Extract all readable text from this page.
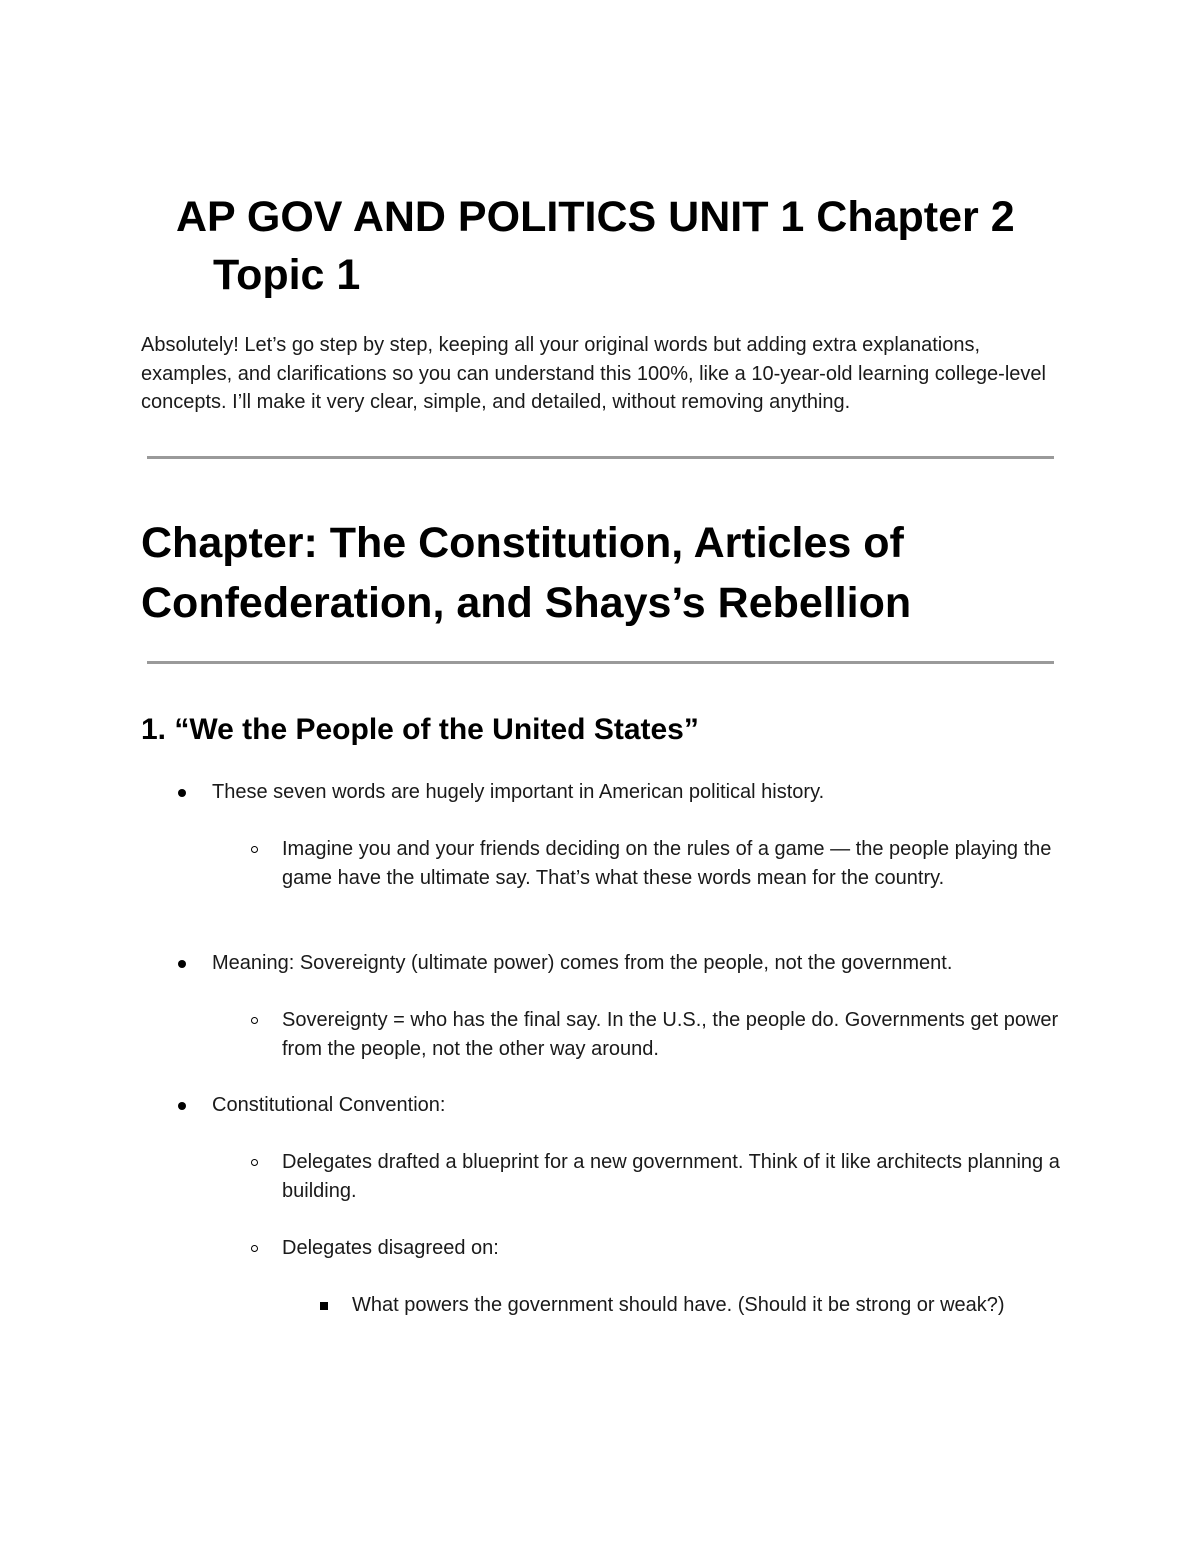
AP GOV AND POLITICS UNIT 1 Chapter 2
Topic 1

Absolutely! Let’s go step by step, keeping all your original words but adding extra explanations, examples, and clarifications so you can understand this 100%, like a 10-year-old learning college-level concepts. I’ll make it very clear, simple, and detailed, without removing anything.

Chapter: The Constitution, Articles of Confederation, and Shays’s Rebellion
1. “We the People of the United States”
These seven words are hugely important in American political history.
Imagine you and your friends deciding on the rules of a game — the people playing the game have the ultimate say. That’s what these words mean for the country.
Meaning: Sovereignty (ultimate power) comes from the people, not the government.
Sovereignty = who has the final say. In the U.S., the people do. Governments get power from the people, not the other way around.
Constitutional Convention:
Delegates drafted a blueprint for a new government. Think of it like architects planning a building.
Delegates disagreed on:
What powers the government should have. (Should it be strong or weak?)
